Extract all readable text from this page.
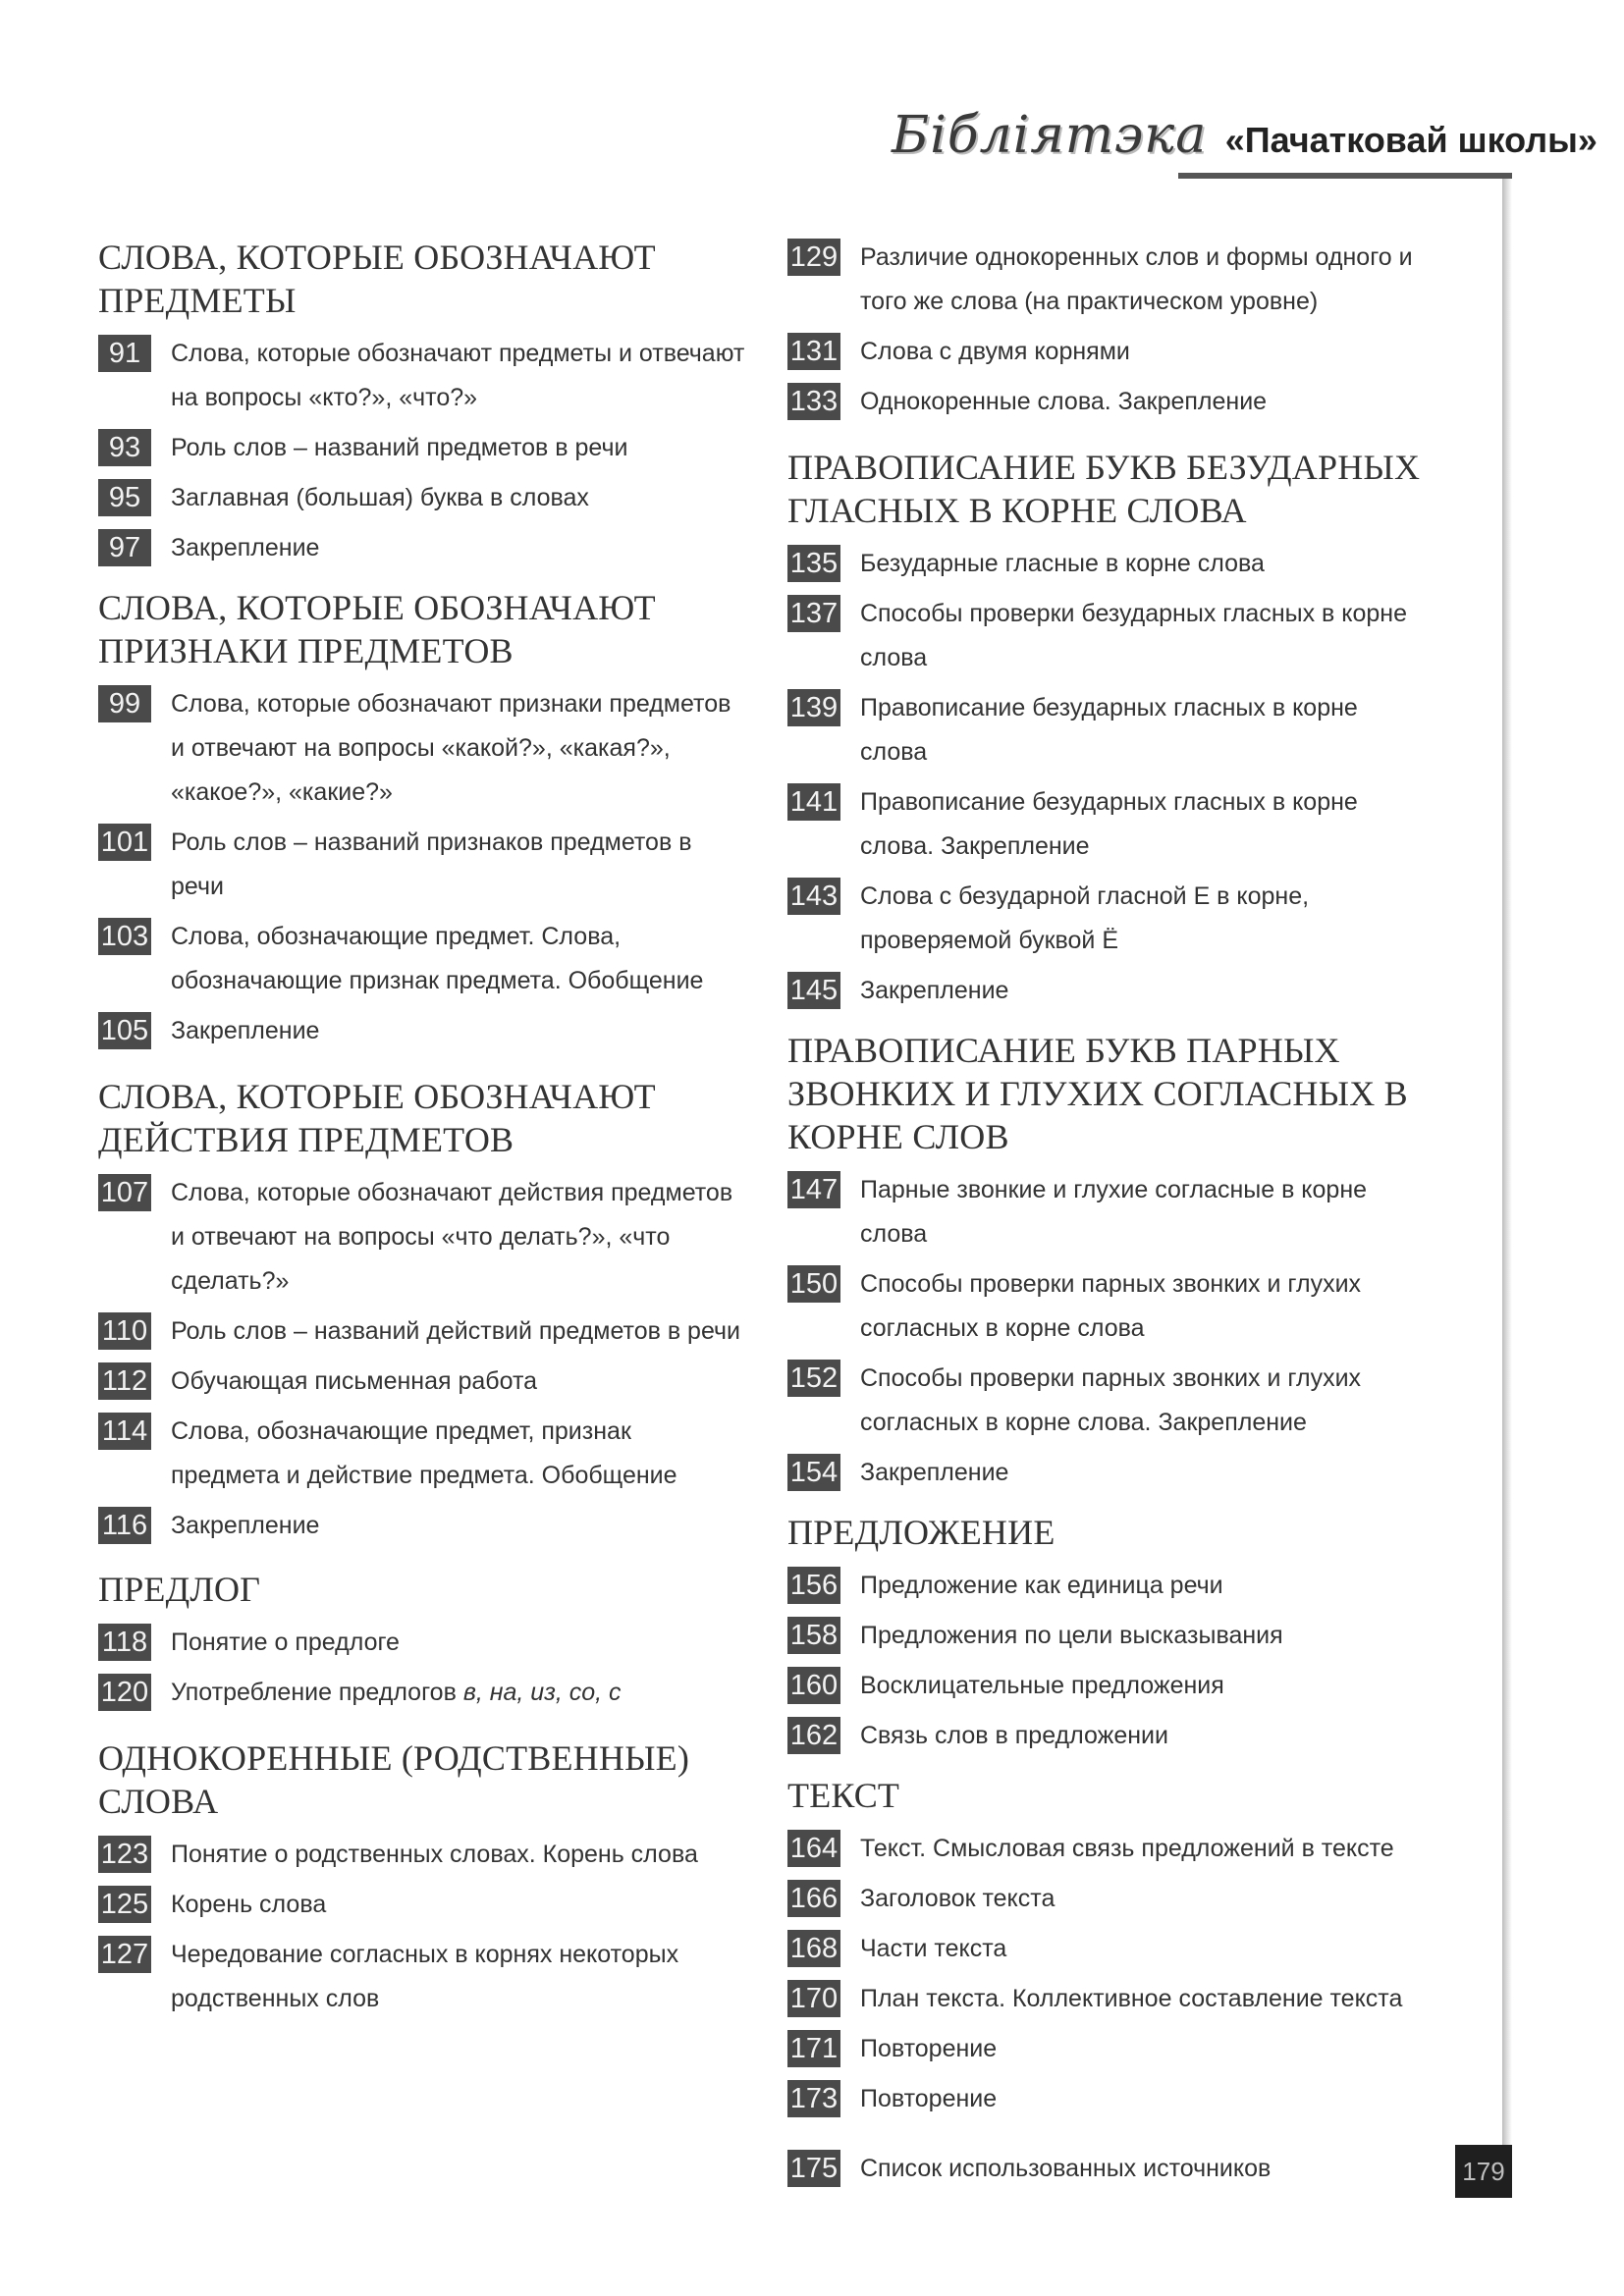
Бібліятэка «Пачатковай школы»
СЛОВА, КОТОРЫЕ ОБОЗНАЧАЮТ ПРЕДМЕТЫ
91	Слова, которые обозначают предметы и отвечают на вопросы «кто?», «что?»
93	Роль слов – названий предметов в речи
95	Заглавная (большая) буква в словах
97	Закрепление
СЛОВА, КОТОРЫЕ ОБОЗНАЧАЮТ ПРИЗНАКИ ПРЕДМЕТОВ
99	Слова, которые обозначают признаки предметов и отвечают на вопросы «какой?», «какая?», «какое?», «какие?»
101 Роль слов – названий признаков предметов в речи
103 Слова, обозначающие предмет. Слова, обозначающие признак предмета. Обобщение
105 Закрепление
СЛОВА, КОТОРЫЕ ОБОЗНАЧАЮТ ДЕЙСТВИЯ ПРЕДМЕТОВ
107 Слова, которые обозначают действия предметов и отвечают на вопросы «что делать?», «что сделать?»
110 Роль слов – названий действий предметов в речи
112 Обучающая письменная работа
114 Слова, обозначающие предмет, признак предмета и действие предмета. Обобщение
116 Закрепление
ПРЕДЛОГ
118 Понятие о предлоге
120 Употребление предлогов в, на, из, со, с
ОДНОКОРЕННЫЕ (РОДСТВЕННЫЕ) СЛОВА
123 Понятие о родственных словах. Корень слова
125 Корень слова
127 Чередование согласных в корнях некоторых родственных слов
129 Различие однокоренных слов и формы одного и того же слова (на практическом уровне)
131 Слова с двумя корнями
133 Однокоренные слова. Закрепление
ПРАВОПИСАНИЕ БУКВ БЕЗУДАРНЫХ ГЛАСНЫХ В КОРНЕ СЛОВА
135 Безударные гласные в корне слова
137 Способы проверки безударных гласных в корне слова
139 Правописание безударных гласных в корне слова
141 Правописание безударных гласных в корне слова. Закрепление
143 Слова с безударной гласной Е в корне, проверяемой буквой Ё
145 Закрепление
ПРАВОПИСАНИЕ БУКВ ПАРНЫХ ЗВОНКИХ И ГЛУХИХ СОГЛАСНЫХ В КОРНЕ СЛОВ
147 Парные звонкие и глухие согласные в корне слова
150 Способы проверки парных звонких и глухих согласных в корне слова
152 Способы проверки парных звонких и глухих согласных в корне слова. Закрепление
154 Закрепление
ПРЕДЛОЖЕНИЕ
156 Предложение как единица речи
158 Предложения по цели высказывания
160 Восклицательные предложения
162 Связь слов в предложении
ТЕКСТ
164 Текст. Смысловая связь предложений в тексте
166 Заголовок текста
168 Части текста
170 План текста. Коллективное составление текста
171 Повторение
173 Повторение
175 Список использованных источников	179
